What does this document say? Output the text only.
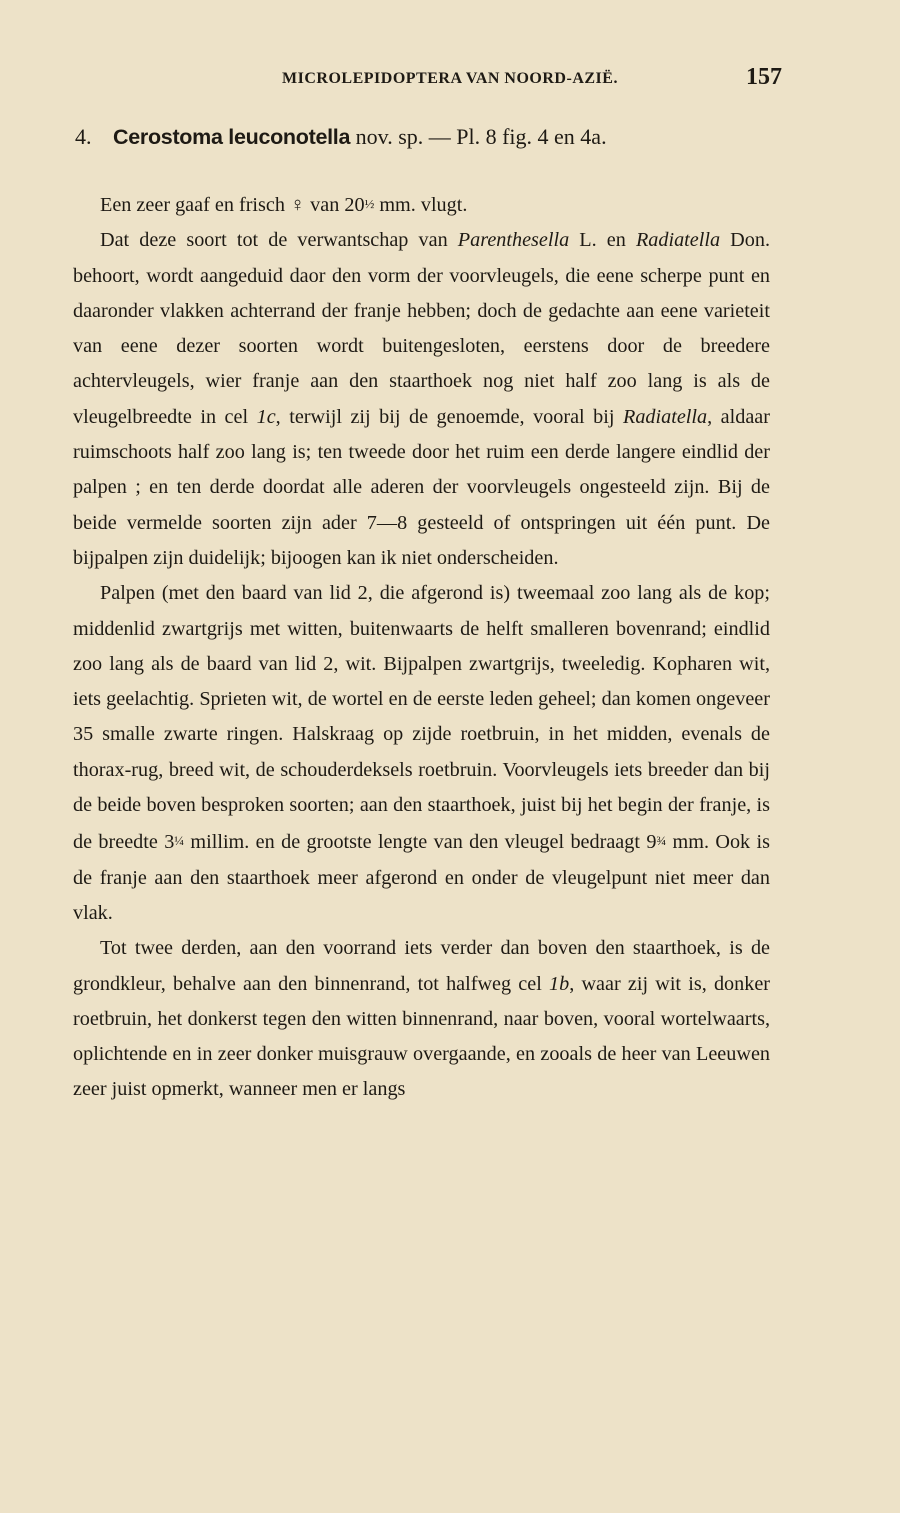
MICROLEPIDOPTERA VAN NOORD-AZIË.	157
4. Cerostoma leuconotella nov. sp. — Pl. 8 fig. 4 en 4a.

Een zeer gaaf en frisch ♀ van 20½ mm. vlugt.

Dat deze soort tot de verwantschap van Parenthesella L. en Radiatella Don. behoort, wordt aangeduid daor den vorm der voorvleugels, die eene scherpe punt en daaronder vlakken achterrand der franje hebben; doch de gedachte aan eene varieteit van eene dezer soorten wordt buitengesloten, eerstens door de breedere achtervleugels, wier franje aan den staarthoek nog niet half zoo lang is als de vleugelbreedte in cel 1c, terwijl zij bij de genoemde, vooral bij Radiatella, aldaar ruimschoots half zoo lang is; ten tweede door het ruim een derde langere eindlid der palpen ; en ten derde doordat alle aderen der voorvleugels ongesteeld zijn. Bij de beide vermelde soorten zijn ader 7—8 gesteeld of ontspringen uit één punt. De bijpalpen zijn duidelijk; bijoogen kan ik niet onderscheiden.

Palpen (met den baard van lid 2, die afgerond is) tweemaal zoo lang als de kop; middenlid zwartgrijs met witten, buitenwaarts de helft smalleren bovenrand; eindlid zoo lang als de baard van lid 2, wit. Bijpalpen zwartgrijs, tweeledig. Kopharen wit, iets geelachtig. Sprieten wit, de wortel en de eerste leden geheel; dan komen ongeveer 35 smalle zwarte ringen. Halskraag op zijde roetbruin, in het midden, evenals de thorax-rug, breed wit, de schouderdeksels roetbruin. Voorvleugels iets breeder dan bij de beide boven besproken soorten; aan den staarthoek, juist bij het begin der franje, is de breedte 3¼ millim. en de grootste lengte van den vleugel bedraagt 9¾ mm. Ook is de franje aan den staarthoek meer afgerond en onder de vleugelpunt niet meer dan vlak.

Tot twee derden, aan den voorrand iets verder dan boven den staarthoek, is de grondkleur, behalve aan den binnenrand, tot halfweg cel 1b, waar zij wit is, donker roetbruin, het donkerst tegen den witten binnenrand, naar boven, vooral wortelwaarts, oplichtende en in zeer donker muisgrauw overgaande, en zooals de heer van Leeuwen zeer juist opmerkt, wanneer men er langs
